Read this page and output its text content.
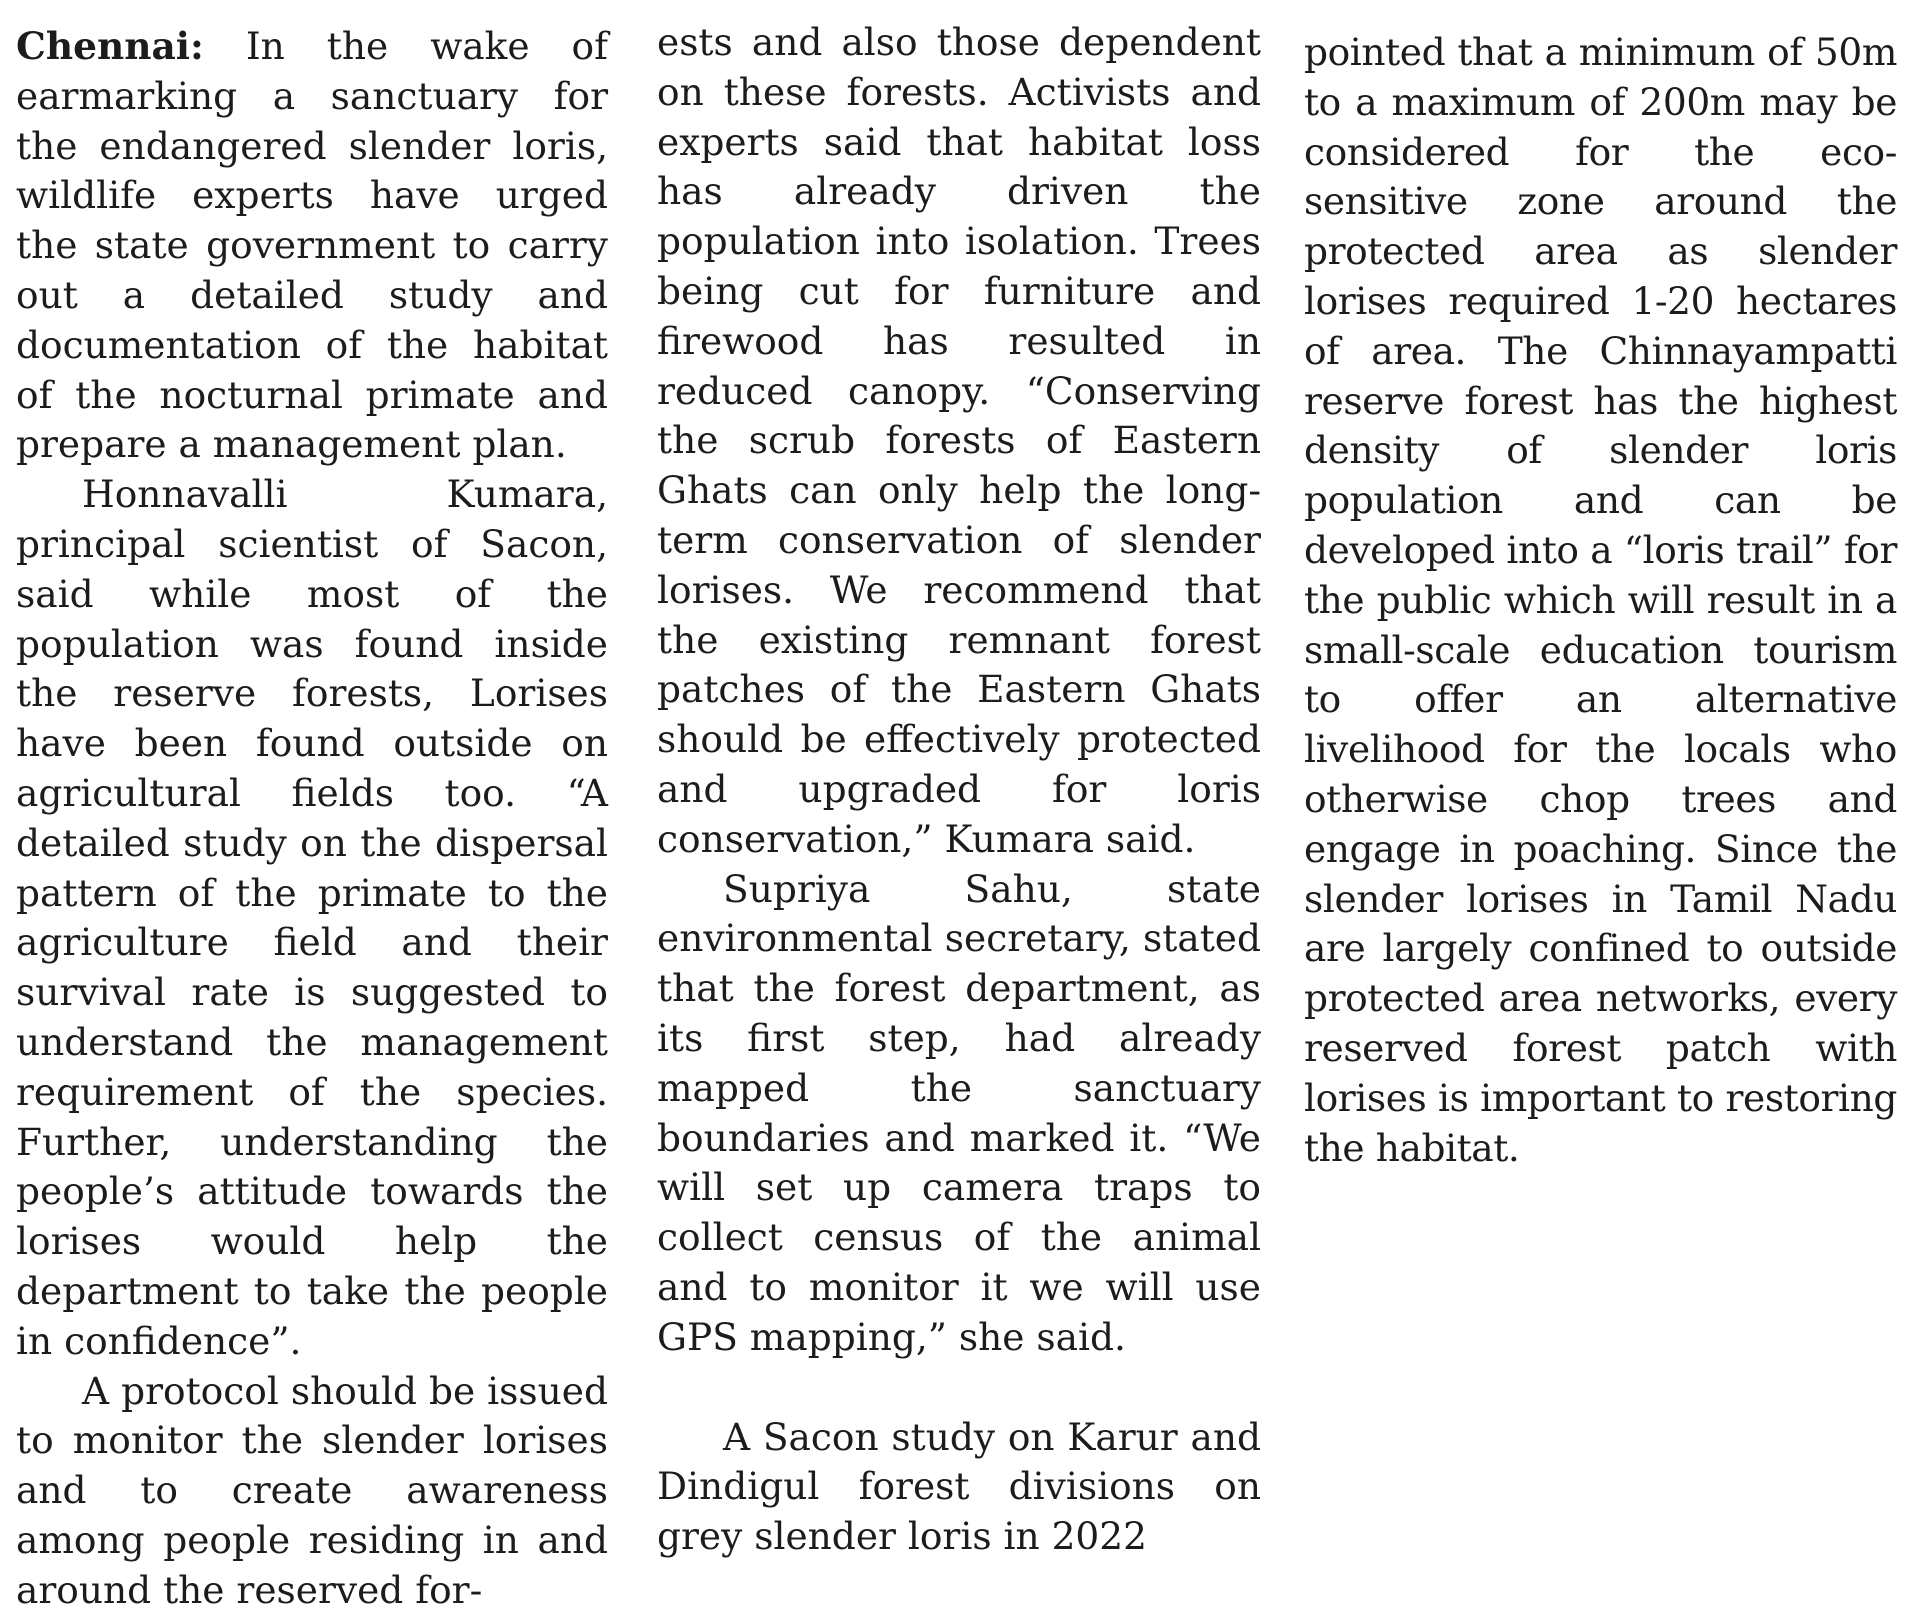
Chennai: In the wake of earmarking a sanctuary for the endangered slender loris, wildlife experts have urged the state government to carry out a detailed study and documentation of the habitat of the nocturnal primate and prepare a management plan.

Honnavalli Kumara, principal scientist of Sacon, said while most of the population was found inside the reserve forests, Lorises have been found outside on agricultural fields too. “A detailed study on the dispersal pattern of the primate to the agriculture field and their survival rate is suggested to understand the management requirement of the species. Further, understanding the people’s attitude towards the lorises would help the department to take the people in confidence”.

A protocol should be issued to monitor the slender lorises and to create awareness among people residing in and around the reserved for-

ests and also those dependent on these forests. Activists and experts said that habitat loss has already driven the population into isolation. Trees being cut for furniture and firewood has resulted in reduced canopy. “Conserving the scrub forests of Eastern Ghats can only help the long-term conservation of slender lorises. We recommend that the existing remnant forest patches of the Eastern Ghats should be effectively protected and upgraded for loris conservation,” Kumara said.

Supriya Sahu, state environmental secretary, stated that the forest department, as its first step, had already mapped the sanctuary boundaries and marked it. “We will set up camera traps to collect census of the animal and to monitor it we will use GPS mapping,” she said.

A Sacon study on Karur and Dindigul forest divisions on grey slender loris in 2022

pointed that a minimum of 50m to a maximum of 200m may be considered for the eco-sensitive zone around the protected area as slender lorises required 1-20 hectares of area. The Chinnayampatti reserve forest has the highest density of slender loris population and can be developed into a “loris trail” for the public which will result in a small-scale education tourism to offer an alternative livelihood for the locals who otherwise chop trees and engage in poaching. Since the slender lorises in Tamil Nadu are largely confined to outside protected area networks, every reserved forest patch with lorises is important to restoring the habitat.
